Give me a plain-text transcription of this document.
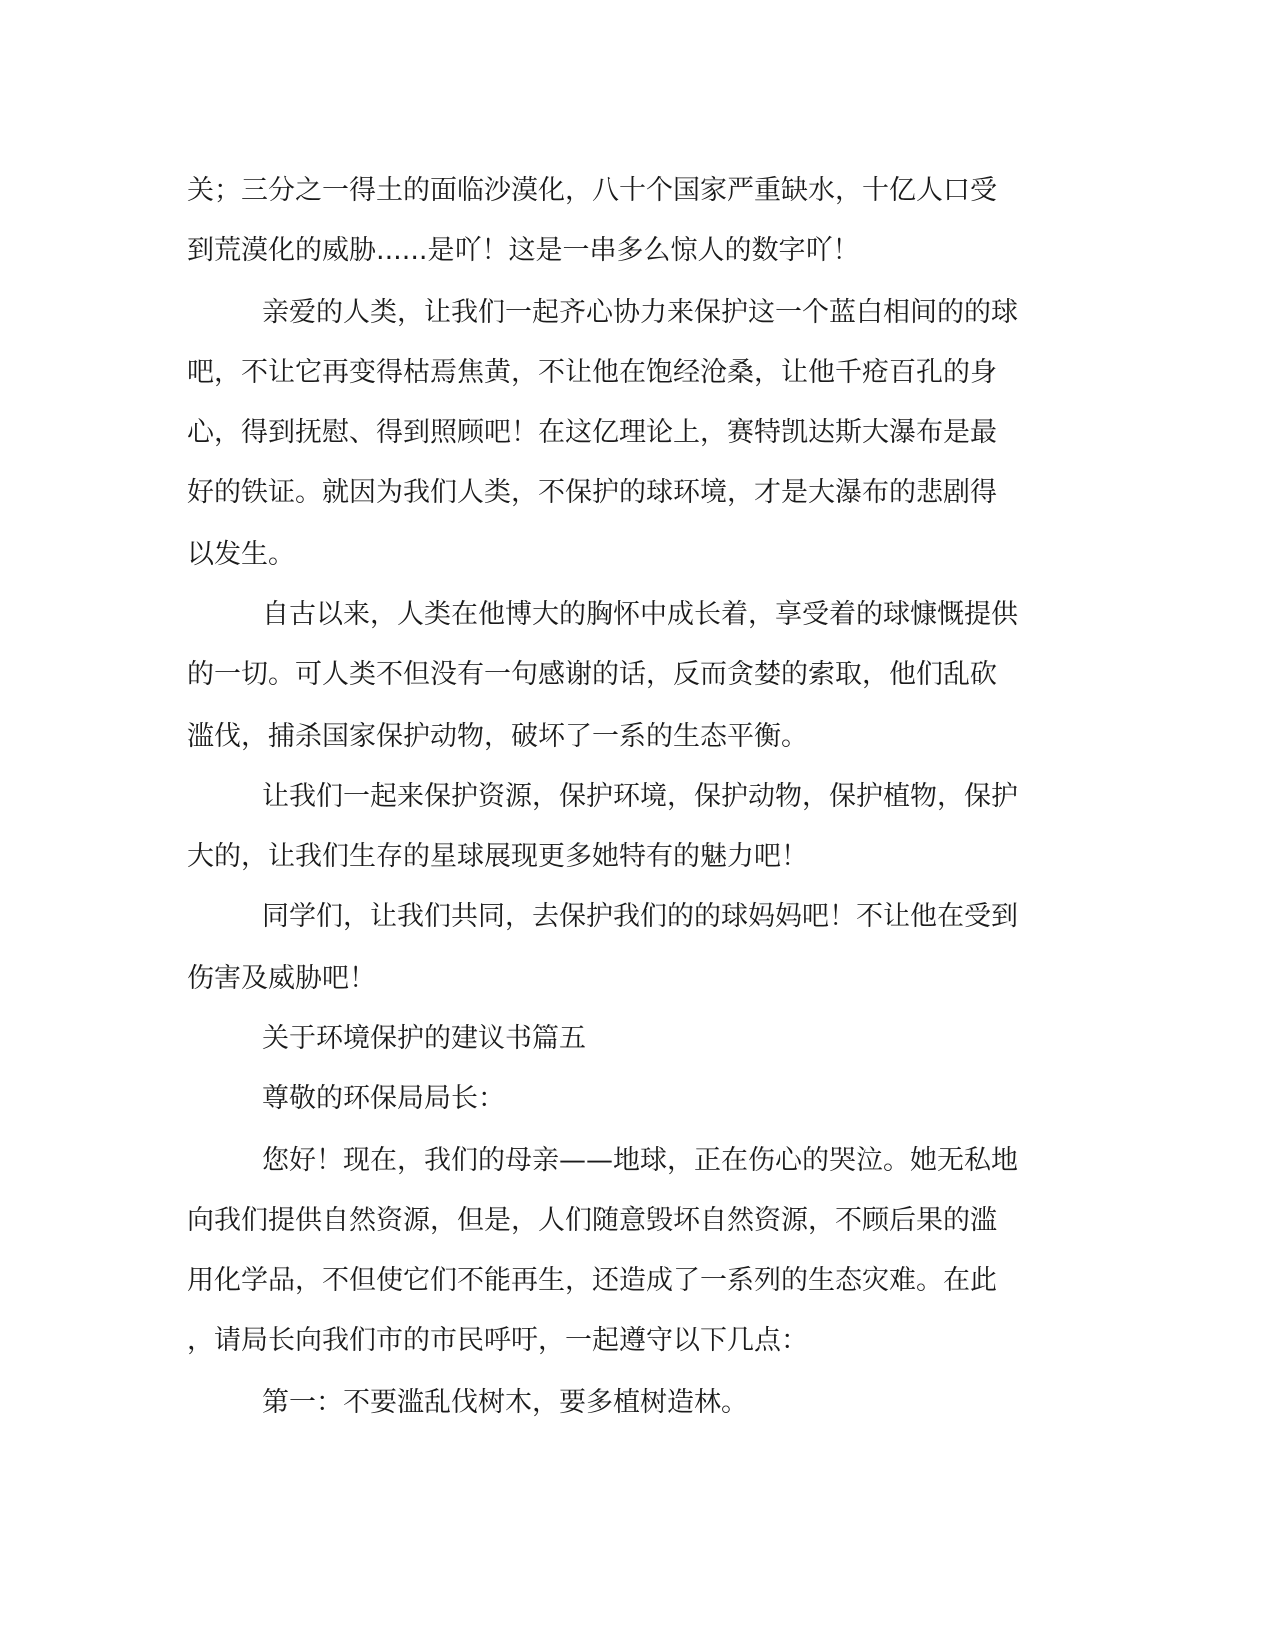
关；三分之一得土的面临沙漠化，八十个国家严重缺水，十亿人口受
到荒漠化的威胁......是吖！这是一串多么惊人的数字吖！
亲爱的人类，让我们一起齐心协力来保护这一个蓝白相间的的球
吧，不让它再变得枯焉焦黄，不让他在饱经沧桑，让他千疮百孔的身
心，得到抚慰、得到照顾吧！在这亿理论上，赛特凯达斯大瀑布是最
好的铁证。就因为我们人类，不保护的球环境，才是大瀑布的悲剧得
以发生。
自古以来，人类在他博大的胸怀中成长着，享受着的球慷慨提供
的一切。可人类不但没有一句感谢的话，反而贪婪的索取，他们乱砍
滥伐，捕杀国家保护动物，破坏了一系的生态平衡。
让我们一起来保护资源，保护环境，保护动物，保护植物，保护
大的，让我们生存的星球展现更多她特有的魅力吧！
同学们，让我们共同，去保护我们的的球妈妈吧！不让他在受到
伤害及威胁吧！
关于环境保护的建议书篇五
尊敬的环保局局长：
您好！现在，我们的母亲——地球，正在伤心的哭泣。她无私地
向我们提供自然资源，但是，人们随意毁坏自然资源，不顾后果的滥
用化学品，不但使它们不能再生，还造成了一系列的生态灾难。在此
，请局长向我们市的市民呼吁，一起遵守以下几点：
第一：不要滥乱伐树木，要多植树造林。
